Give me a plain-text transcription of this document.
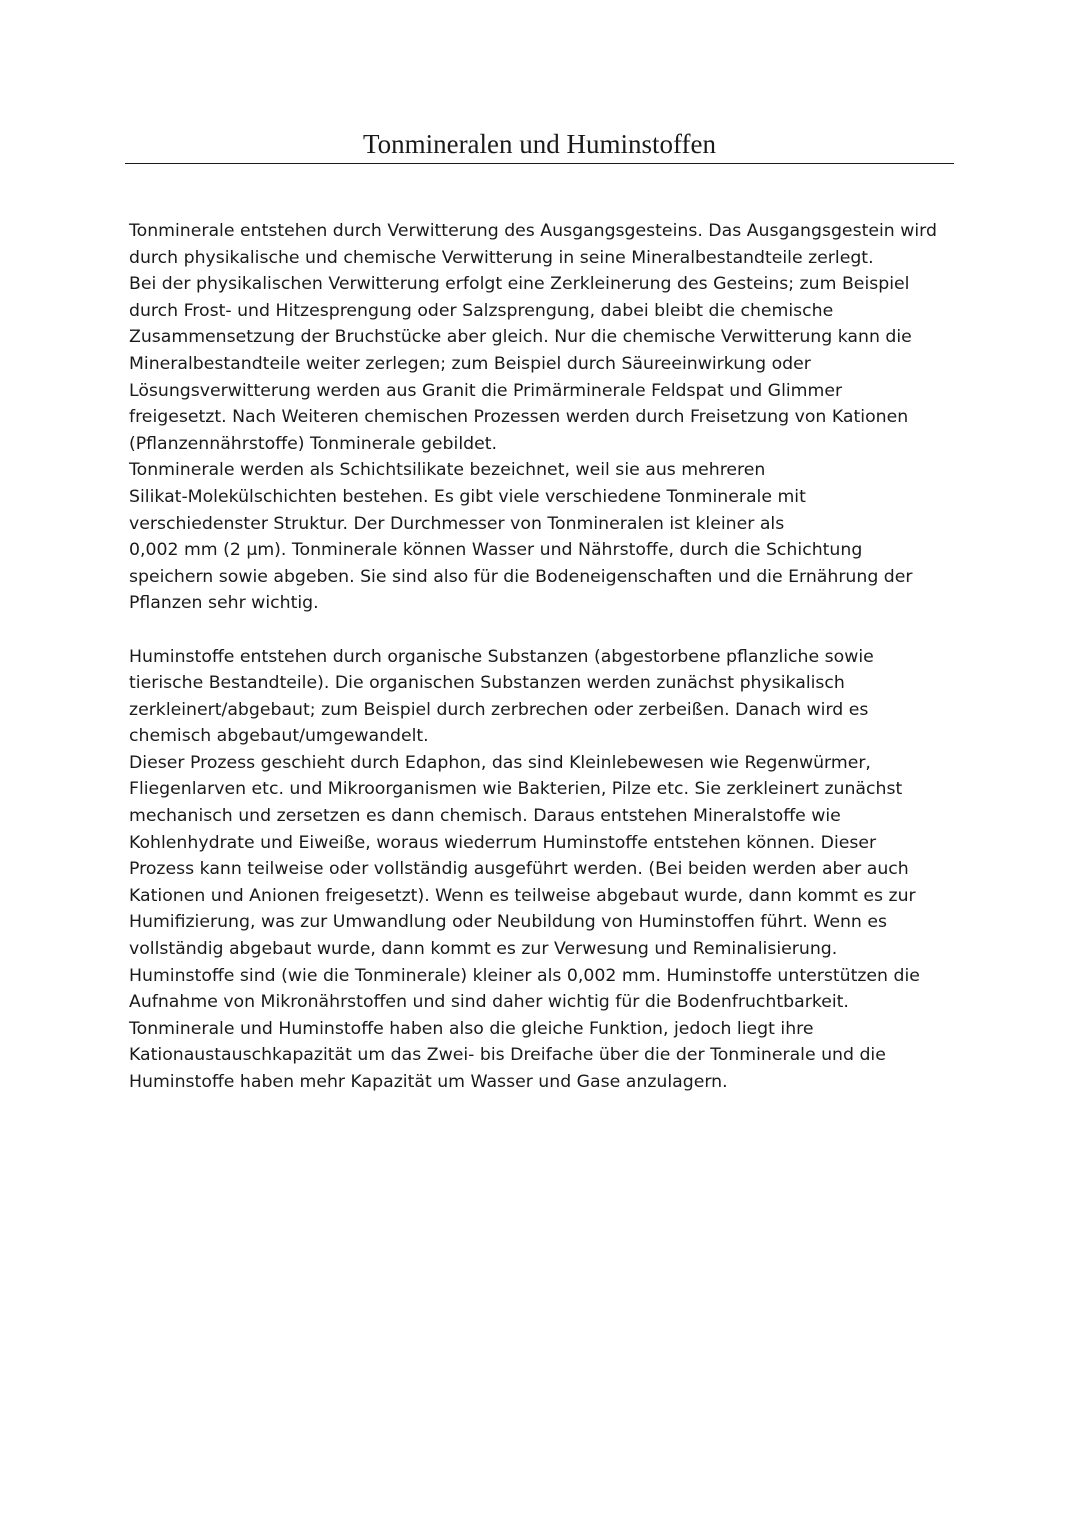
Tonmineralen und Huminstoffen
Tonminerale entstehen durch Verwitterung des Ausgangsgesteins. Das Ausgangsgestein wird
durch physikalische und chemische Verwitterung in seine Mineralbestandteile zerlegt.
Bei der physikalischen Verwitterung erfolgt eine Zerkleinerung des Gesteins; zum Beispiel
durch Frost- und Hitzesprengung oder Salzsprengung, dabei bleibt die chemische
Zusammensetzung der Bruchstücke aber gleich. Nur die chemische Verwitterung kann die
Mineralbestandteile weiter zerlegen; zum Beispiel durch Säureeinwirkung oder
Lösungsverwitterung werden aus Granit die Primärminerale Feldspat und Glimmer
freigesetzt. Nach Weiteren chemischen Prozessen werden durch Freisetzung von Kationen
(Pflanzennährstoffe) Tonminerale gebildet.
Tonminerale werden als Schichtsilikate bezeichnet, weil sie aus mehreren
Silikat-Molekülschichten bestehen. Es gibt viele verschiedene Tonminerale mit
verschiedenster Struktur. Der Durchmesser von Tonmineralen ist kleiner als
0,002 mm (2 µm). Tonminerale können Wasser und Nährstoffe, durch die Schichtung
speichern sowie abgeben. Sie sind also für die Bodeneigenschaften und die Ernährung der
Pflanzen sehr wichtig.
Huminstoffe entstehen durch organische Substanzen (abgestorbene pflanzliche sowie
tierische Bestandteile). Die organischen Substanzen werden zunächst physikalisch
zerkleinert/abgebaut; zum Beispiel durch zerbrechen oder zerbeißen. Danach wird es
chemisch abgebaut/umgewandelt.
Dieser Prozess geschieht durch Edaphon, das sind Kleinlebewesen wie Regenwürmer,
Fliegenlarven etc. und Mikroorganismen wie Bakterien, Pilze etc. Sie zerkleinert zunächst
mechanisch und zersetzen es dann chemisch. Daraus entstehen Mineralstoffe wie
Kohlenhydrate und Eiweiße, woraus wiederrum Huminstoffe entstehen können. Dieser
Prozess kann teilweise oder vollständig ausgeführt werden. (Bei beiden werden aber auch
Kationen und Anionen freigesetzt). Wenn es teilweise abgebaut wurde, dann kommt es zur
Humifizierung, was zur Umwandlung oder Neubildung von Huminstoffen führt. Wenn es
vollständig abgebaut wurde, dann kommt es zur Verwesung und Reminalisierung.
Huminstoffe sind (wie die Tonminerale) kleiner als 0,002 mm. Huminstoffe unterstützen die
Aufnahme von Mikronährstoffen und sind daher wichtig für die Bodenfruchtbarkeit.
Tonminerale und Huminstoffe haben also die gleiche Funktion, jedoch liegt ihre
Kationaustauschkapazität um das Zwei- bis Dreifache über die der Tonminerale und die
Huminstoffe haben mehr Kapazität um Wasser und Gase anzulagern.
